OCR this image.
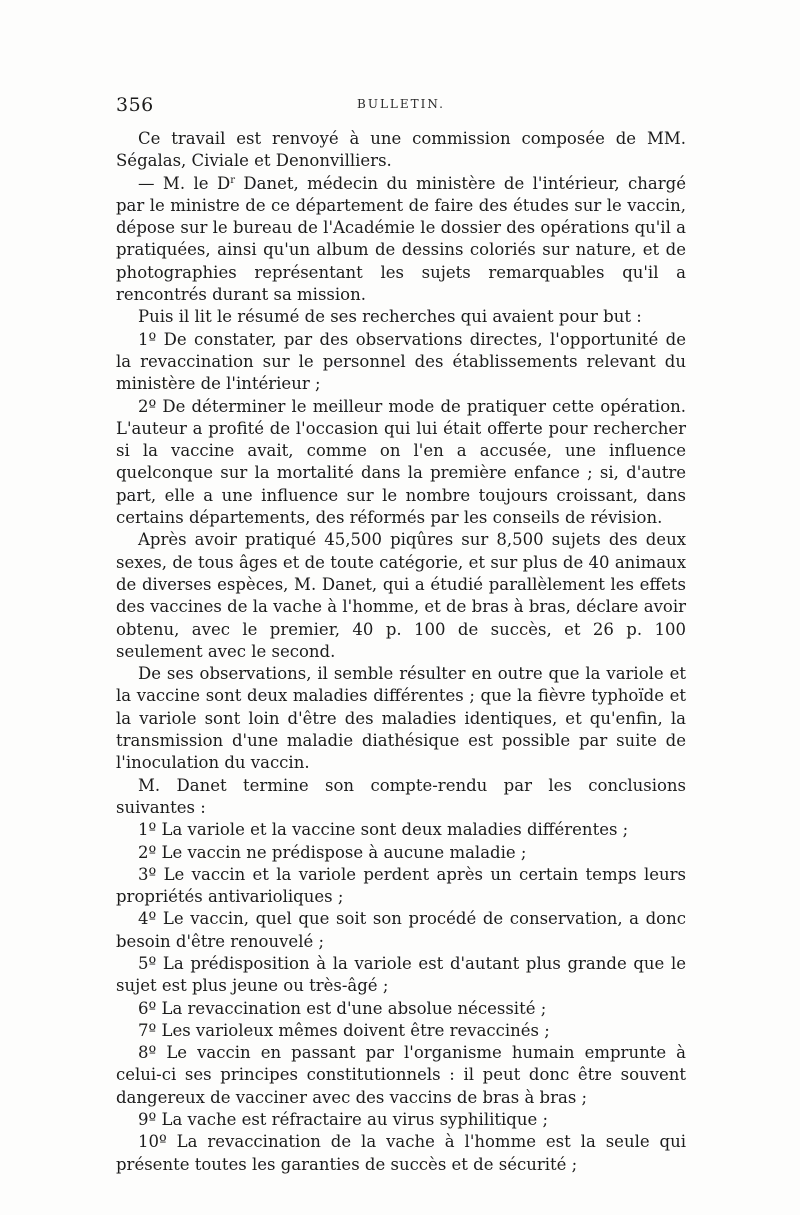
356	BULLETIN.

Ce travail est renvoyé à une commission composée de MM. Ségalas, Civiale et Denonvilliers.

— M. le $D^r$ Danet, médecin du ministère de l'intérieur, chargé par le ministre de ce département de faire des études sur le vaccin, dépose sur le bureau de l'Académie le dossier des opérations qu'il a pratiquées, ainsi qu'un album de dessins coloriés sur nature, et de photographies représentant les sujets remarquables qu'il a rencontrés durant sa mission.

Puis il lit le résumé de ses recherches qui avaient pour but :

1º De constater, par des observations directes, l'opportunité de la revaccination sur le personnel des établissements relevant du ministère de l'intérieur ;

2º De déterminer le meilleur mode de pratiquer cette opération. L'auteur a profité de l'occasion qui lui était offerte pour rechercher si la vaccine avait, comme on l'en a accusée, une influence quelconque sur la mortalité dans la première enfance ; si, d'autre part, elle a une influence sur le nombre toujours croissant, dans certains départements, des réformés par les conseils de révision.

Après avoir pratiqué 45,500 piqûres sur 8,500 sujets des deux sexes, de tous âges et de toute catégorie, et sur plus de 40 animaux de diverses espèces, M. Danet, qui a étudié parallèlement les effets des vaccines de la vache à l'homme, et de bras à bras, déclare avoir obtenu, avec le premier, 40 p. 100 de succès, et 26 p. 100 seulement avec le second.

De ses observations, il semble résulter en outre que la variole et la vaccine sont deux maladies différentes ; que la fièvre typhoïde et la variole sont loin d'être des maladies identiques, et qu'enfin, la transmission d'une maladie diathésique est possible par suite de l'inoculation du vaccin.

M. Danet termine son compte-rendu par les conclusions suivantes :

1º La variole et la vaccine sont deux maladies différentes ;

2º Le vaccin ne prédispose à aucune maladie ;

3º Le vaccin et la variole perdent après un certain temps leurs propriétés antivarioliques ;

4º Le vaccin, quel que soit son procédé de conservation, a donc besoin d'être renouvelé ;

5º La prédisposition à la variole est d'autant plus grande que le sujet est plus jeune ou très-âgé ;

6º La revaccination est d'une absolue nécessité ;

7º Les varioleux mêmes doivent être revaccinés ;

8º Le vaccin en passant par l'organisme humain emprunte à celui-ci ses principes constitutionnels : il peut donc être souvent dangereux de vacciner avec des vaccins de bras à bras ;

9º La vache est réfractaire au virus syphilitique ;

10º La revaccination de la vache à l'homme est la seule qui présente toutes les garanties de succès et de sécurité ;
